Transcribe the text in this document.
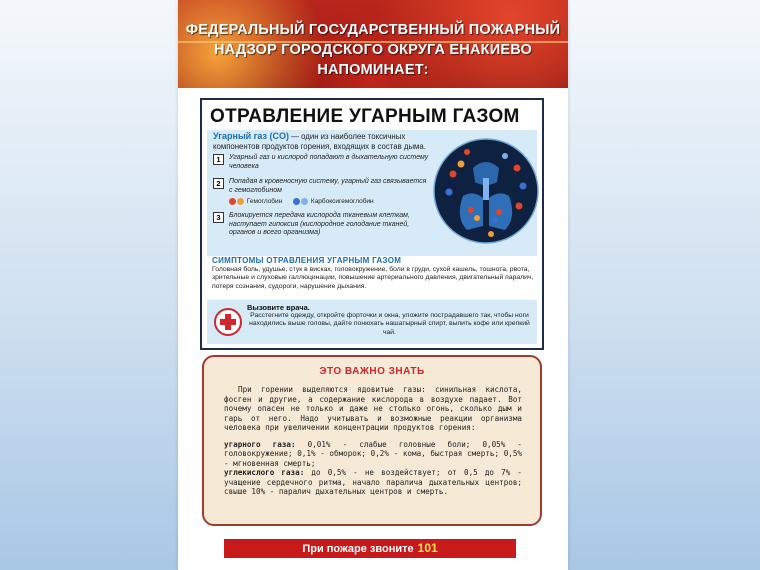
ФЕДЕРАЛЬНЫЙ ГОСУДАРСТВЕННЫЙ ПОЖАРНЫЙ
НАДЗОР ГОРОДСКОГО ОКРУГА ЕНАКИЕВО
НАПОМИНАЕТ:
ОТРАВЛЕНИЕ УГАРНЫМ ГАЗОМ
Угарный газ (CO) — один из наиболее токсичных компонентов продуктов горения, входящих в состав дыма.
1	Угарный газ и кислород попадают в дыхательную систему человека
2	Попадая в кровеносную систему, угарный газ связывается с гемоглобином
Гемоглобин	Карбоксигемоглобин
3	Блокируется передача кислорода тканевым клеткам, наступает гипоксия (кислородное голодание тканей, органов и всего организма)
СИМПТОМЫ ОТРАВЛЕНИЯ УГАРНЫМ ГАЗОМ
Головная боль, удушье, стук в висках, головокружение, боли в груди, сухой кашель, тошнота, рвота, зрительные и слуховые галлюцинации, повышение артериального давления, двигательный паралич, потеря сознания, судороги, нарушение дыхания.
Вызовите врача.
Расстегните одежду, откройте форточки и окна, уложите пострадавшего так, чтобы ноги находились выше головы, дайте понюхать нашатырный спирт, выпить кофе или крепкий чай.
ЭТО ВАЖНО ЗНАТЬ

При горении выделяются ядовитые газы: синильная кислота, фосген и другие, а содержание кислорода в воздухе падает. Вот почему опасен не только и даже не столько огонь, сколько дым и гарь от него. Надо учитывать и возможные реакции организма человека при увеличении концентрации продуктов горения:

угарного газа: 0,01% - слабые головные боли; 0,05% - головокружение; 0,1% - обморок; 0,2% - кома, быстрая смерть; 0,5% - мгновенная смерть;

углекислого газа: до 0,5% - не воздействует; от 0,5 до 7% - учащение сердечного ритма, начало паралича дыхательных центров; свыше 10% - паралич дыхательных центров и смерть.

При пожаре звоните 101
